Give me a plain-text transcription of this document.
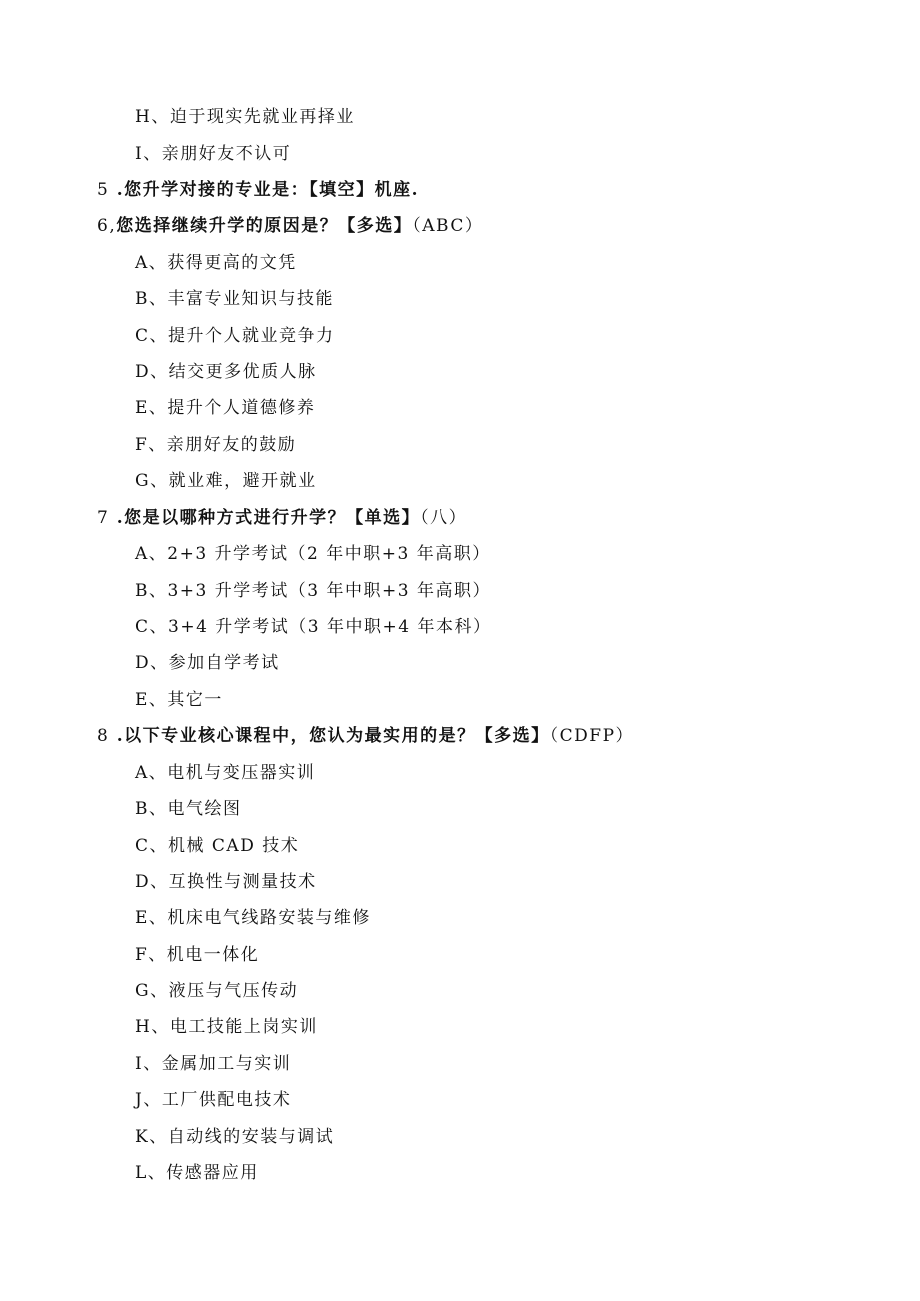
H、迫于现实先就业再择业
I、亲朋好友不认可
5 .您升学对接的专业是：【填空】机座.
6,您选择继续升学的原因是？【多选】（ABC）
A、获得更高的文凭
B、丰富专业知识与技能
C、提升个人就业竞争力
D、结交更多优质人脉
E、提升个人道德修养
F、亲朋好友的鼓励
G、就业难，避开就业
7 .您是以哪种方式进行升学？【单选】（八）
A、2+3 升学考试（2 年中职+3 年高职）
B、3+3 升学考试（3 年中职+3 年高职）
C、3+4 升学考试（3 年中职+4 年本科）
D、参加自学考试
E、其它一
8 .以下专业核心课程中，您认为最实用的是？【多选】（CDFP）
A、电机与变压器实训
B、电气绘图
C、机械 CAD 技术
D、互换性与测量技术
E、机床电气线路安装与维修
F、机电一体化
G、液压与气压传动
H、电工技能上岗实训
I、金属加工与实训
J、工厂供配电技术
K、自动线的安装与调试
L、传感器应用
